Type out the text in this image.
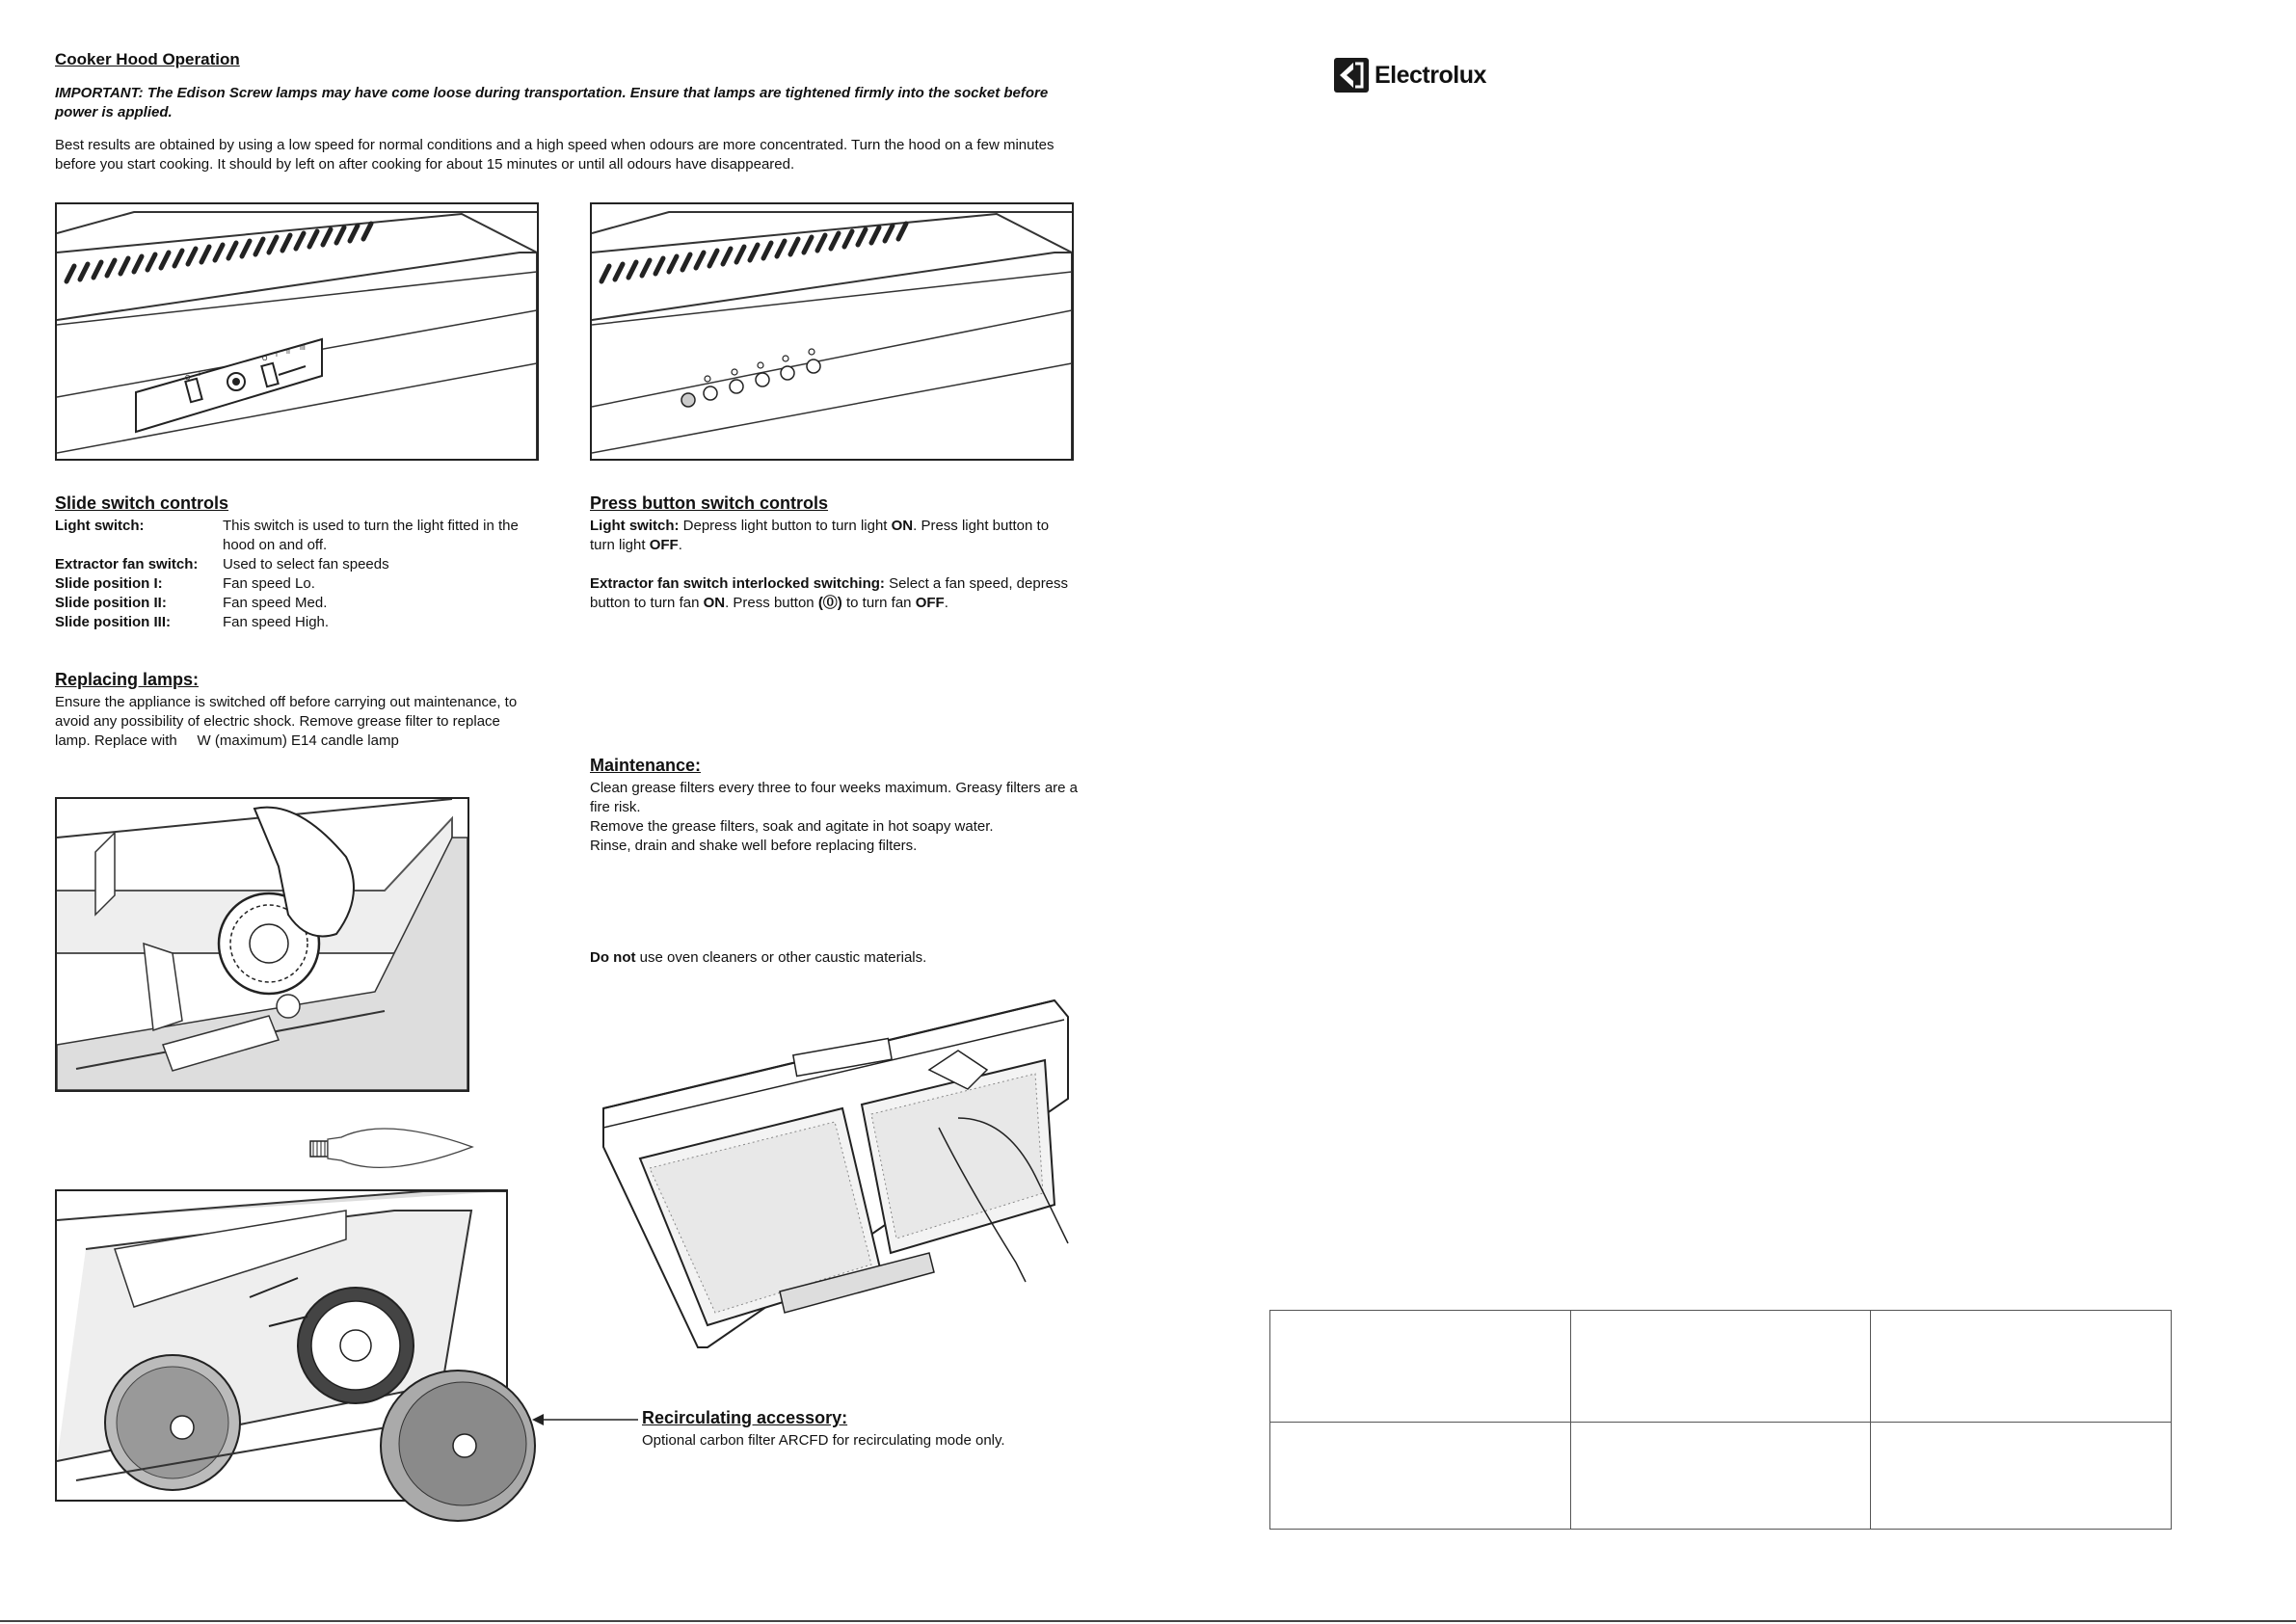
Cooker Hood Operation

IMPORTANT: The Edison Screw lamps may have come loose during transportation. Ensure that lamps are tightened firmly into the socket before power is applied.

Best results are obtained by using a low speed for normal conditions and a high speed when odours are more concentrated. Turn the hood on a few minutes before you start cooking. It should by left on after cooking for about 15 minutes or until all odours have disappeared.

Electrolux
O
I
O
I II
III
Slide switch controls
Light switch:	This switch is used to turn the light fitted in the hood on and off.
Extractor fan switch:	Used to select fan speeds
Slide position I:	Fan speed Lo.
Slide position II:	Fan speed Med.
Slide position III:	Fan speed High.
Press button switch controls

Light switch: Depress light button to turn light ON. Press light button to turn light OFF.

Extractor fan switch interlocked switching: Select a fan speed, depress button to turn fan ON. Press button (⓪) to turn fan OFF.

Replacing lamps:

Ensure the appliance is switched off before carrying out maintenance, to avoid any possibility of electric shock. Remove grease filter to replace lamp. Replace with     W (maximum) E14 candle lamp

Maintenance:

Clean grease filters every three to four weeks maximum. Greasy filters are a fire risk.

Remove the grease filters, soak and agitate in hot soapy water.

Rinse, drain and shake well before replacing filters.

Do not use oven cleaners or other caustic materials.

Recirculating accessory:

Optional carbon filter ARCFD for recirculating mode only.
